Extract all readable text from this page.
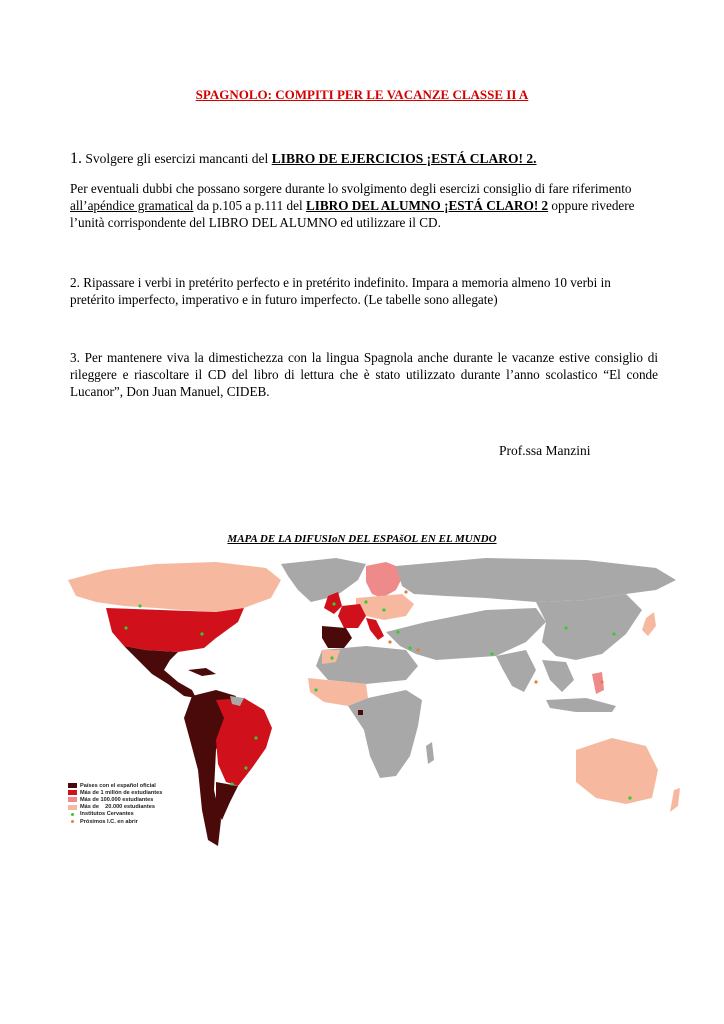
SPAGNOLO: COMPITI PER LE VACANZE CLASSE II A
1. Svolgere gli esercizi mancanti del LIBRO DE EJERCICIOS ¡ESTÁ CLARO! 2.
Per eventuali dubbi che possano sorgere durante lo svolgimento degli esercizi consiglio di fare riferimento
all’apéndice gramatical da p.105 a p.111 del LIBRO DEL ALUMNO ¡ESTÁ CLARO! 2 oppure rivedere
l’unità corrispondente del LIBRO DEL ALUMNO ed utilizzare il CD.
2. Ripassare i verbi in pretérito perfecto e in pretérito indefinito. Impara a memoria almeno 10 verbi in
pretérito imperfecto, imperativo e in futuro imperfecto. (Le tabelle sono allegate)
3. Per mantenere viva la dimestichezza con la lingua Spagnola anche durante le vacanze estive consiglio di rileggere e riascoltare il CD del libro di lettura che è stato utilizzato durante l’anno scolastico “El conde Lucanor”, Don Juan Manuel, CIDEB.
Prof.ssa Manzini
MAPA DE LA DIFUSIoN DEL ESPAšOL EN EL MUNDO
Países con el español oficial
Más de 1 millón de estudiantes
Más de 100.000 estudiantes
Más de    20.000 estudiantes
Institutos Cervantes
Próximos I.C. en abrir
